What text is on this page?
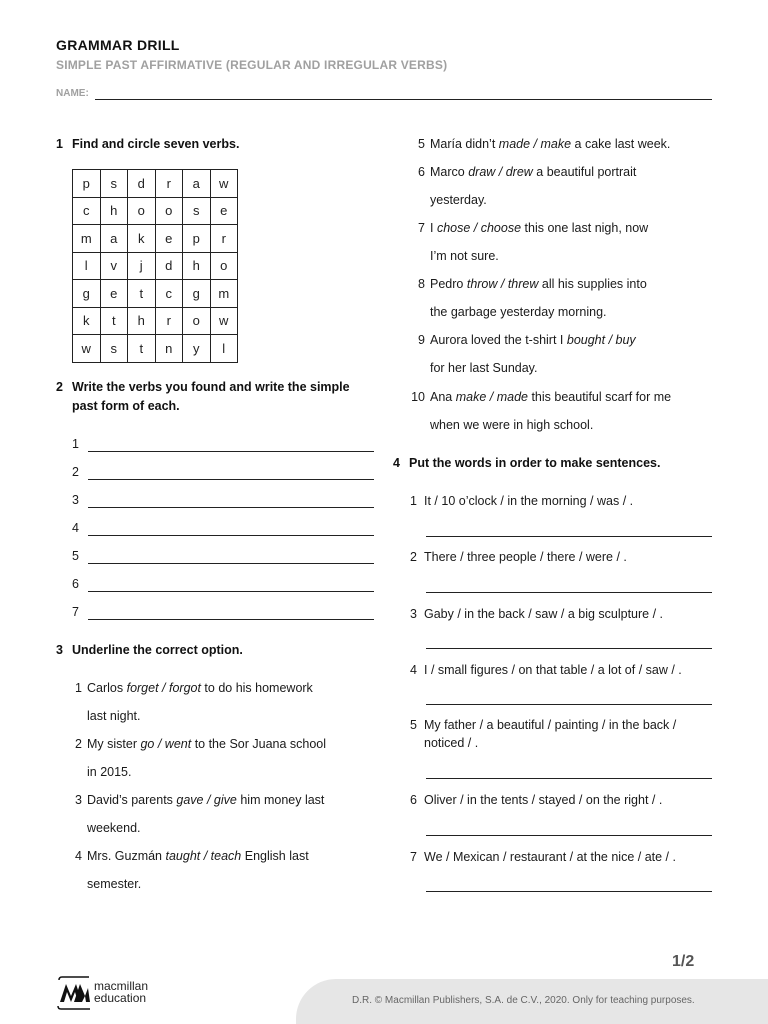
GRAMMAR DRILL
SIMPLE PAST AFFIRMATIVE (REGULAR AND IRREGULAR VERBS)
NAME:
1 Find and circle seven verbs.
p	s	d	r	a	w
c	h	o	o	s	e
m	a	k	e	p	r
l	v	j	d	h	o
g	e	t	c	g	m
k	t	h	r	o	w
w	s	t	n	y	l
2 Write the verbs you found and write the simple
past form of each.
1
2
3
4
5
6
7
3 Underline the correct option.
1 Carlos forget / forgot to do his homework
last night.
2 My sister go / went to the Sor Juana school
in 2015.
3 David’s parents gave / give him money last
weekend.
4 Mrs. Guzmán taught / teach English last
semester.
5 María didn’t made / make a cake last week.
6 Marco draw / drew a beautiful portrait
yesterday.
7 I chose / choose this one last nigh, now
I’m not sure.
8 Pedro throw / threw all his supplies into
the garbage yesterday morning.
9 Aurora loved the t-shirt I bought / buy
for her last Sunday.
10 Ana make / made this beautiful scarf for me
when we were in high school.
4 Put the words in order to make sentences.
1 It / 10 o’clock / in the morning / was / .
2 There / three people / there / were / .
3 Gaby / in the back / saw / a big sculpture / .
4 I / small figures / on that table / a lot of / saw / .
5 My father / a beautiful / painting / in the back / noticed / .
6 Oliver / in the tents / stayed / on the right / .
7 We / Mexican / restaurant / at the nice / ate / .
1/2
D.R. © Macmillan Publishers, S.A. de C.V., 2020. Only for teaching purposes.
macmillan
education
